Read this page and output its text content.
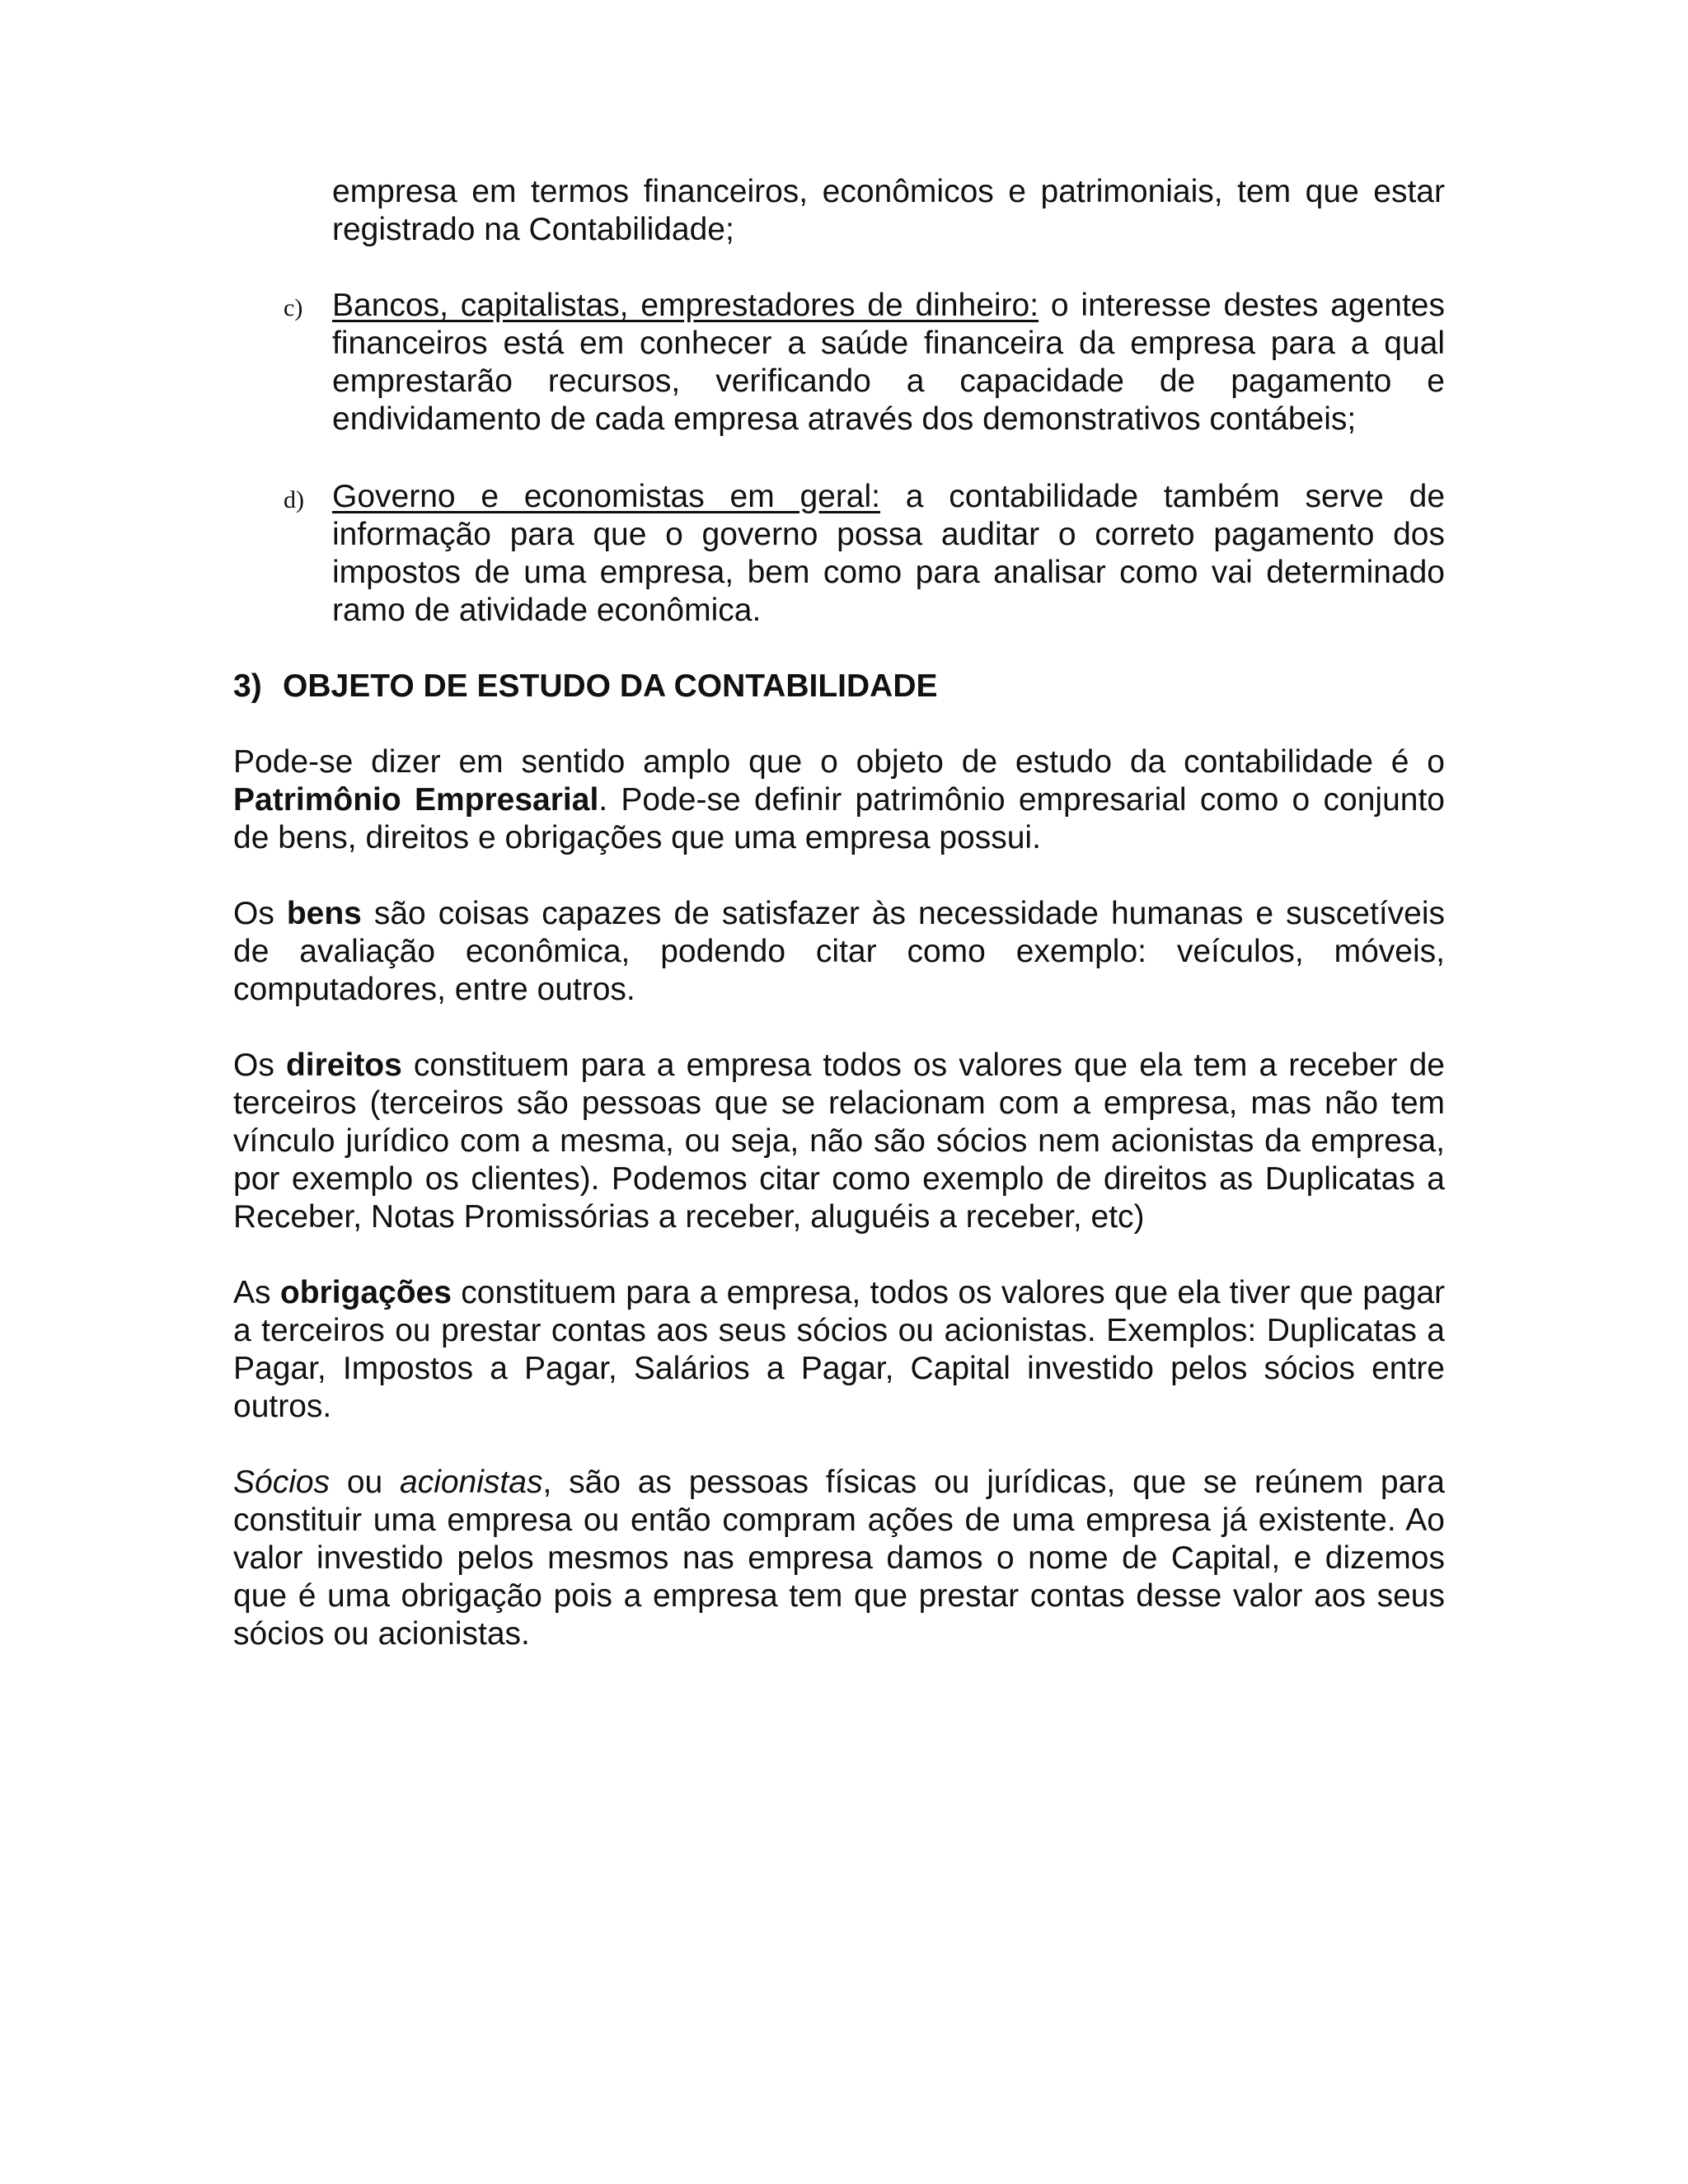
empresa em termos financeiros, econômicos e patrimoniais, tem que estar registrado na Contabilidade;

c) Bancos, capitalistas, emprestadores de dinheiro: o interesse destes agentes financeiros está em conhecer a saúde financeira da empresa para a qual emprestarão recursos, verificando a capacidade de pagamento e endividamento de cada empresa através dos demonstrativos contábeis;

d) Governo e economistas em geral: a contabilidade também serve de informação para que o governo possa auditar o correto pagamento dos impostos de uma empresa, bem como para analisar como vai determinado ramo de atividade econômica.

3) OBJETO DE ESTUDO DA CONTABILIDADE

Pode-se dizer em sentido amplo que o objeto de estudo da contabilidade é o Patrimônio Empresarial. Pode-se definir patrimônio empresarial como o conjunto de bens, direitos e obrigações que uma empresa possui.

Os bens são coisas capazes de satisfazer às necessidade humanas e suscetíveis de avaliação econômica, podendo citar como exemplo: veículos, móveis, computadores, entre outros.

Os direitos constituem para a empresa todos os valores que ela tem a receber de terceiros (terceiros são pessoas que se relacionam com a empresa, mas não tem vínculo jurídico com a mesma, ou seja, não são sócios nem acionistas da empresa, por exemplo os clientes). Podemos citar como exemplo de direitos as Duplicatas a Receber, Notas Promissórias a receber, aluguéis a receber, etc)

As obrigações constituem para a empresa, todos os valores que ela tiver que pagar a terceiros ou prestar contas aos seus sócios ou acionistas. Exemplos: Duplicatas a Pagar, Impostos a Pagar, Salários a Pagar, Capital investido pelos sócios entre outros.

Sócios ou acionistas, são as pessoas físicas ou jurídicas, que se reúnem para constituir uma empresa ou então compram ações de uma empresa já existente. Ao valor investido pelos mesmos nas empresa damos o nome de Capital, e dizemos que é uma obrigação pois a empresa tem que prestar contas desse valor aos seus sócios ou acionistas.
